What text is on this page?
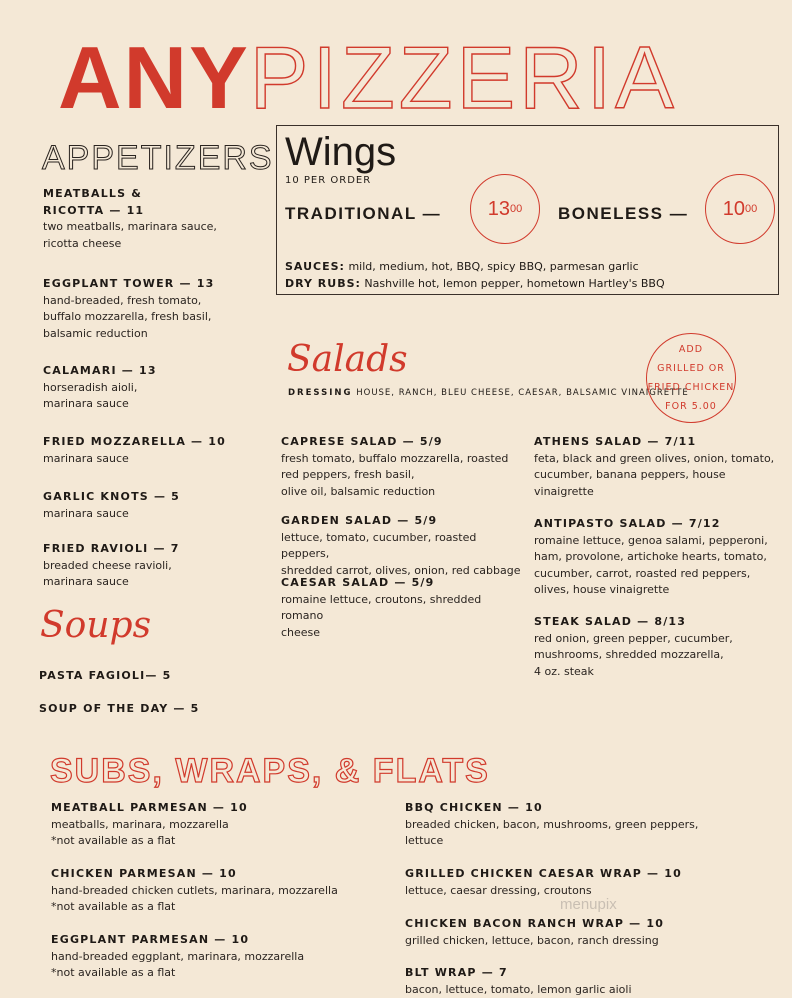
ANYPIZZERIA
APPETIZERS
MEATBALLS &
RICOTTA — 11
two meatballs, marinara sauce,
ricotta cheese
EGGPLANT TOWER — 13
hand-breaded, fresh tomato,
buffalo mozzarella, fresh basil,
balsamic reduction
CALAMARI — 13
horseradish aioli,
marinara sauce
FRIED MOZZARELLA — 10
marinara sauce
GARLIC KNOTS — 5
marinara sauce
FRIED RAVIOLI — 7
breaded cheese ravioli,
marinara sauce
Soups
PASTA FAGIOLI— 5
SOUP OF THE DAY — 5
Wings
10 PER ORDER
TRADITIONAL — 13 00 BONELESS — 10 00
SAUCES: mild, medium, hot, BBQ, spicy BBQ, parmesan garlic
DRY RUBS: Nashville hot, lemon pepper, hometown Hartley's BBQ
Salads
DRESSING HOUSE, RANCH, BLEU CHEESE, CAESAR, BALSAMIC VINAIGRETTE
ADD
GRILLED OR
FRIED CHICKEN
FOR 5.00
CAPRESE SALAD — 5/9
fresh tomato, buffalo mozzarella, roasted
red peppers, fresh basil,
olive oil, balsamic reduction
GARDEN SALAD — 5/9
lettuce, tomato, cucumber, roasted peppers,
shredded carrot, olives, onion, red cabbage
CAESAR SALAD — 5/9
romaine lettuce, croutons, shredded romano
cheese
ATHENS SALAD — 7/11
feta, black and green olives, onion, tomato,
cucumber, banana peppers, house
vinaigrette
ANTIPASTO SALAD — 7/12
romaine lettuce, genoa salami, pepperoni,
ham, provolone, artichoke hearts, tomato,
cucumber, carrot, roasted red peppers,
olives, house vinaigrette
STEAK SALAD — 8/13
red onion, green pepper, cucumber,
mushrooms, shredded mozzarella,
4 oz. steak
SUBS, WRAPS, & FLATS
MEATBALL PARMESAN — 10
meatballs, marinara, mozzarella
*not available as a flat
CHICKEN PARMESAN — 10
hand-breaded chicken cutlets, marinara, mozzarella
*not available as a flat
EGGPLANT PARMESAN — 10
hand-breaded eggplant, marinara, mozzarella
*not available as a flat
BBQ CHICKEN — 10
breaded chicken, bacon, mushrooms, green peppers,
lettuce
GRILLED CHICKEN CAESAR WRAP — 10
lettuce, caesar dressing, croutons
CHICKEN BACON RANCH WRAP — 10
grilled chicken, lettuce, bacon, ranch dressing
BLT WRAP — 7
bacon, lettuce, tomato, lemon garlic aioli
menupix
